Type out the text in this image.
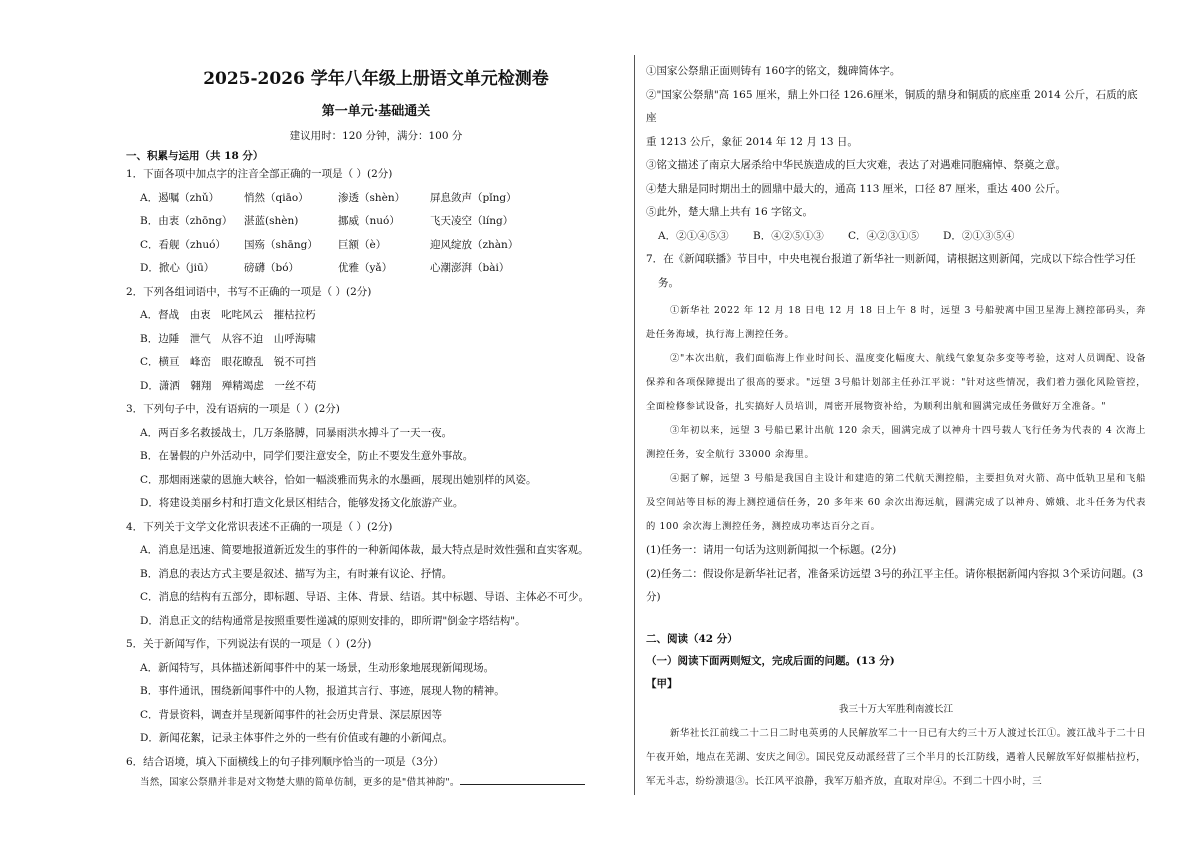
2025-2026 学年八年级上册语文单元检测卷
第一单元·基础通关
建议用时：120 分钟，满分：100 分
一、积累与运用（共 18 分）

1．下面各项中加点字的注音全部正确的一项是（ ）(2分)

A．遏嘱（zhǔ）	悄然（qiāo）	渗透（shèn）	屏息敛声（pǐng）
B．由衷（zhōng）	湛蓝(shèn)	挪威（nuó）	飞天凌空（líng）
C．看舰（zhuó）	国殇（shāng）	巨额（è）	迎风绽放（zhàn）
D．掀心（jiū）	磅礴（bó）	优雅（yǎ）	心潮澎湃（bài）

2．下列各组词语中，书写不正确的一项是（ ）(2分)

A．督战　由衷　叱咤风云　摧枯拉朽

B．边陲　泄气　从容不迫　山呼海啸

C．横亘　峰峦　眼花瞭乱　锐不可挡

D．潇洒　翱翔　殚精竭虑　一丝不苟

3．下列句子中，没有语病的一项是（ ）(2分)

A．两百多名救援战士，几万条胳膊，同暴雨洪水搏斗了一天一夜。

B．在暑假的户外活动中，同学们要注意安全，防止不要发生意外事故。

C．那烟雨迷蒙的恩施大峡谷，恰如一幅淡雅而隽永的水墨画，展现出她别样的风姿。

D．将建设美丽乡村和打造文化景区相结合，能够发扬文化旅游产业。

4．下列关于文学文化常识表述不正确的一项是（ ）(2分)

A．消息是迅速、简要地报道新近发生的事件的一种新闻体裁，最大特点是时效性强和直实客观。

B．消息的表达方式主要是叙述、描写为主，有时兼有议论、抒情。

C．消息的结构有五部分，即标题、导语、主体、背景、结语。其中标题、导语、主体必不可少。

D．消息正文的结构通常是按照重要性递减的原则安排的，即所谓"倒金字塔结构"。

5．关于新闻写作，下列说法有误的一项是（ ）(2分)

A．新闻特写，具体描述新闻事件中的某一场景，生动形象地展现新闻现场。

B．事件通讯，围绕新闻事件中的人物，报道其言行、事迹，展现人物的精神。

C．背景资料，调查并呈现新闻事件的社会历史背景、深层原因等

D．新闻花絮，记录主体事件之外的一些有价值或有趣的小新闻点。

6．结合语境，填入下面横线上的句子排列顺序恰当的一项是（3分）

当然，国家公祭鼎并非是对文物楚大鼎的简单仿制，更多的是"借其神韵"。

①国家公祭鼎正面则铸有 160字的铭文，魏碑简体字。

②"国家公祭鼎"高 165 厘米，鼎上外口径 126.6厘米，铜质的鼎身和铜质的底座重 2014 公斤，石质的底座

重 1213 公斤，象征 2014 年 12 月 13 日。

③铭文描述了南京大屠杀给中华民族造成的巨大灾难，表达了对遇难同胞痛悼、祭奠之意。

④楚大鼎是同时期出土的圆鼎中最大的，通高 113 厘米，口径 87 厘米，重达 400 公斤。

⑤此外，楚大鼎上共有 16 字铭文。

A．②①④⑤③	B．④②⑤①③	C．④②③①⑤	D．②①③⑤④

7．在《新闻联播》节目中，中央电视台报道了新华社一则新闻，请根据这则新闻，完成以下综合性学习任

务。

①新华社 2022 年 12 月 18 日电 12 月 18 日上午 8 时，远望 3 号船驶离中国卫星海上测控部码头，奔赴任务海域，执行海上测控任务。

②"本次出航，我们面临海上作业时间长、温度变化幅度大、航线气象复杂多变等考验，这对人员调配、设备保养和各项保障提出了很高的要求。"远望 3号船计划部主任孙江平说："针对这些情况，我们着力强化风险管控，全面检修参试设备，扎实搞好人员培训，周密开展物资补给，为顺利出航和圆满完成任务做好万全准备。"

③年初以来，远望 3 号船已累计出航 120 余天，圆满完成了以神舟十四号载人飞行任务为代表的 4 次海上测控任务，安全航行 33000 余海里。

④据了解，远望 3 号船是我国自主设计和建造的第二代航天测控船，主要担负对火箭、高中低轨卫星和飞船及空间站等目标的海上测控通信任务，20 多年来 60 余次出海远航，圆满完成了以神舟、嫦娥、北斗任务为代表的 100 余次海上测控任务，测控成功率达百分之百。

(1)任务一：请用一句话为这则新闻拟一个标题。(2分)

(2)任务二：假设你是新华社记者，准备采访远望 3号的孙江平主任。请你根据新闻内容拟 3个采访问题。(3

分)

二、阅读（42 分）
（一）阅读下面两则短文，完成后面的问题。(13 分)
【甲】
我三十万大军胜利南渡长江

新华社长江前线二十二日二时电英勇的人民解放军二十一日已有大约三十万人渡过长江①。渡江战斗于二十日午夜开始，地点在芜湖、安庆之间②。国民党反动派经营了三个半月的长江防线，遇着人民解放军好似摧枯拉朽，军无斗志，纷纷溃退③。长江风平浪静，我军万船齐放，直取对岸④。不到二十四小时，三
